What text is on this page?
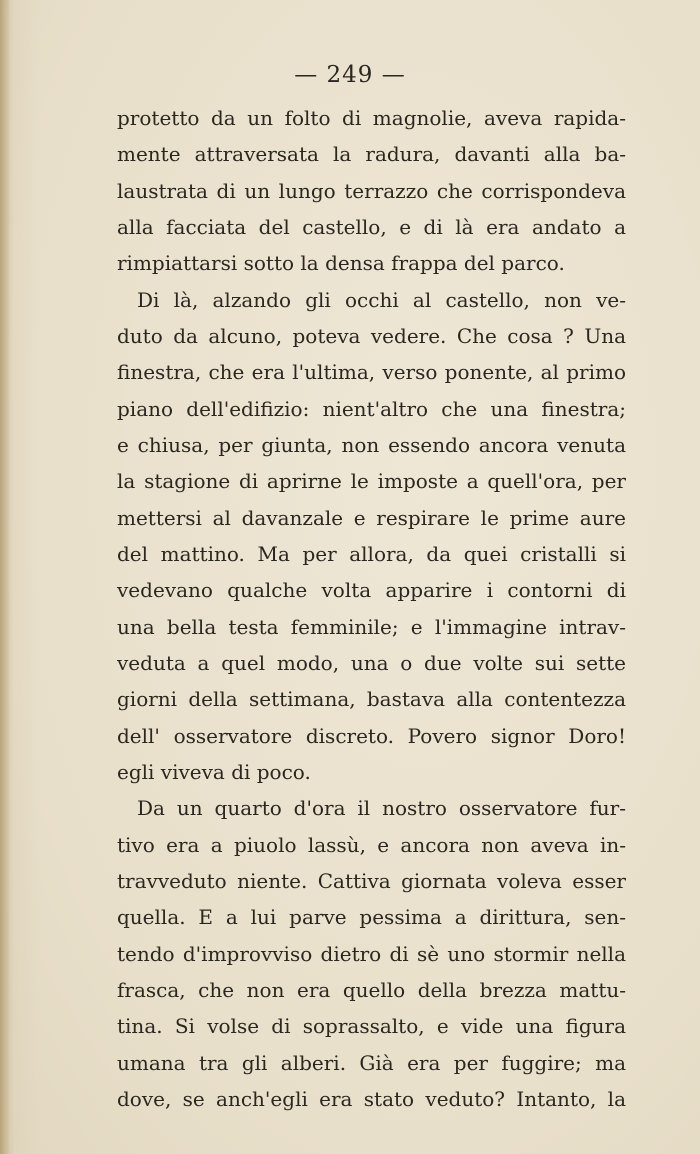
— 249 —
protetto da un folto di magnolie, aveva rapida-
mente attraversata la radura, davanti alla ba-
laustrata di un lungo terrazzo che corrispondeva
alla facciata del castello, e di là era andato a
rimpiattarsi sotto la densa frappa del parco.
Di là, alzando gli occhi al castello, non ve-
duto da alcuno, poteva vedere. Che cosa ? Una
finestra, che era l'ultima, verso ponente, al primo
piano dell'edifizio: nient'altro che una finestra;
e chiusa, per giunta, non essendo ancora venuta
la stagione di aprirne le imposte a quell'ora, per
mettersi al davanzale e respirare le prime aure
del mattino. Ma per allora, da quei cristalli si
vedevano qualche volta apparire i contorni di
una bella testa femminile; e l'immagine intrav-
veduta a quel modo, una o due volte sui sette
giorni della settimana, bastava alla contentezza
dell' osservatore discreto. Povero signor Doro!
egli viveva di poco.
Da un quarto d'ora il nostro osservatore fur-
tivo era a piuolo lassù, e ancora non aveva in-
travveduto niente. Cattiva giornata voleva esser
quella. E a lui parve pessima a dirittura, sen-
tendo d'improvviso dietro di sè uno stormir nella
frasca, che non era quello della brezza mattu-
tina. Si volse di soprassalto, e vide una figura
umana tra gli alberi. Già era per fuggire; ma
dove, se anch'egli era stato veduto? Intanto, la
